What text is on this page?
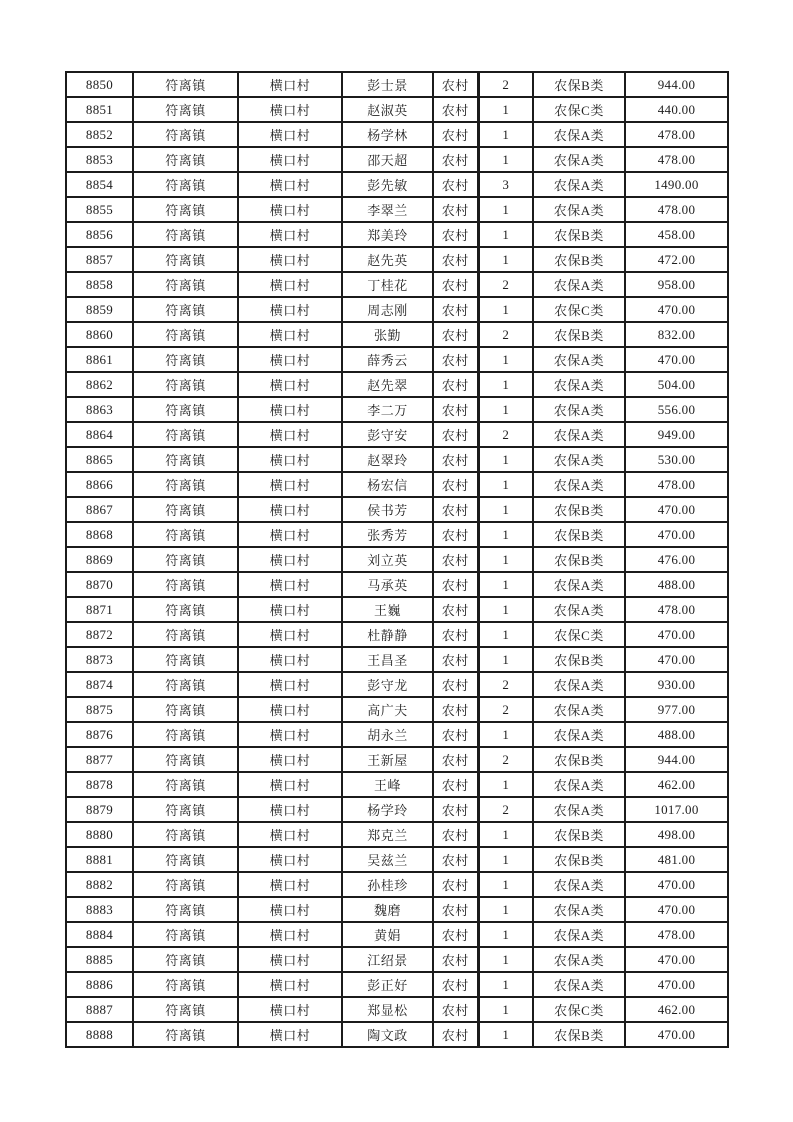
8850	符离镇	横口村	彭士景	农村	2	农保B类	944.00
8851	符离镇	横口村	赵淑英	农村	1	农保C类	440.00
8852	符离镇	横口村	杨学林	农村	1	农保A类	478.00
8853	符离镇	横口村	邵天超	农村	1	农保A类	478.00
8854	符离镇	横口村	彭先敏	农村	3	农保A类	1490.00
8855	符离镇	横口村	李翠兰	农村	1	农保A类	478.00
8856	符离镇	横口村	郑美玲	农村	1	农保B类	458.00
8857	符离镇	横口村	赵先英	农村	1	农保B类	472.00
8858	符离镇	横口村	丁桂花	农村	2	农保A类	958.00
8859	符离镇	横口村	周志刚	农村	1	农保C类	470.00
8860	符离镇	横口村	张勤	农村	2	农保B类	832.00
8861	符离镇	横口村	薛秀云	农村	1	农保A类	470.00
8862	符离镇	横口村	赵先翠	农村	1	农保A类	504.00
8863	符离镇	横口村	李二万	农村	1	农保A类	556.00
8864	符离镇	横口村	彭守安	农村	2	农保A类	949.00
8865	符离镇	横口村	赵翠玲	农村	1	农保A类	530.00
8866	符离镇	横口村	杨宏信	农村	1	农保A类	478.00
8867	符离镇	横口村	侯书芳	农村	1	农保B类	470.00
8868	符离镇	横口村	张秀芳	农村	1	农保B类	470.00
8869	符离镇	横口村	刘立英	农村	1	农保B类	476.00
8870	符离镇	横口村	马承英	农村	1	农保A类	488.00
8871	符离镇	横口村	王巍	农村	1	农保A类	478.00
8872	符离镇	横口村	杜静静	农村	1	农保C类	470.00
8873	符离镇	横口村	王昌圣	农村	1	农保B类	470.00
8874	符离镇	横口村	彭守龙	农村	2	农保A类	930.00
8875	符离镇	横口村	高广夫	农村	2	农保A类	977.00
8876	符离镇	横口村	胡永兰	农村	1	农保A类	488.00
8877	符离镇	横口村	王新屋	农村	2	农保B类	944.00
8878	符离镇	横口村	王峰	农村	1	农保A类	462.00
8879	符离镇	横口村	杨学玲	农村	2	农保A类	1017.00
8880	符离镇	横口村	郑克兰	农村	1	农保B类	498.00
8881	符离镇	横口村	吴兹兰	农村	1	农保B类	481.00
8882	符离镇	横口村	孙桂珍	农村	1	农保A类	470.00
8883	符离镇	横口村	魏磨	农村	1	农保A类	470.00
8884	符离镇	横口村	黄娟	农村	1	农保A类	478.00
8885	符离镇	横口村	江绍景	农村	1	农保A类	470.00
8886	符离镇	横口村	彭正好	农村	1	农保A类	470.00
8887	符离镇	横口村	郑显松	农村	1	农保C类	462.00
8888	符离镇	横口村	陶文政	农村	1	农保B类	470.00
